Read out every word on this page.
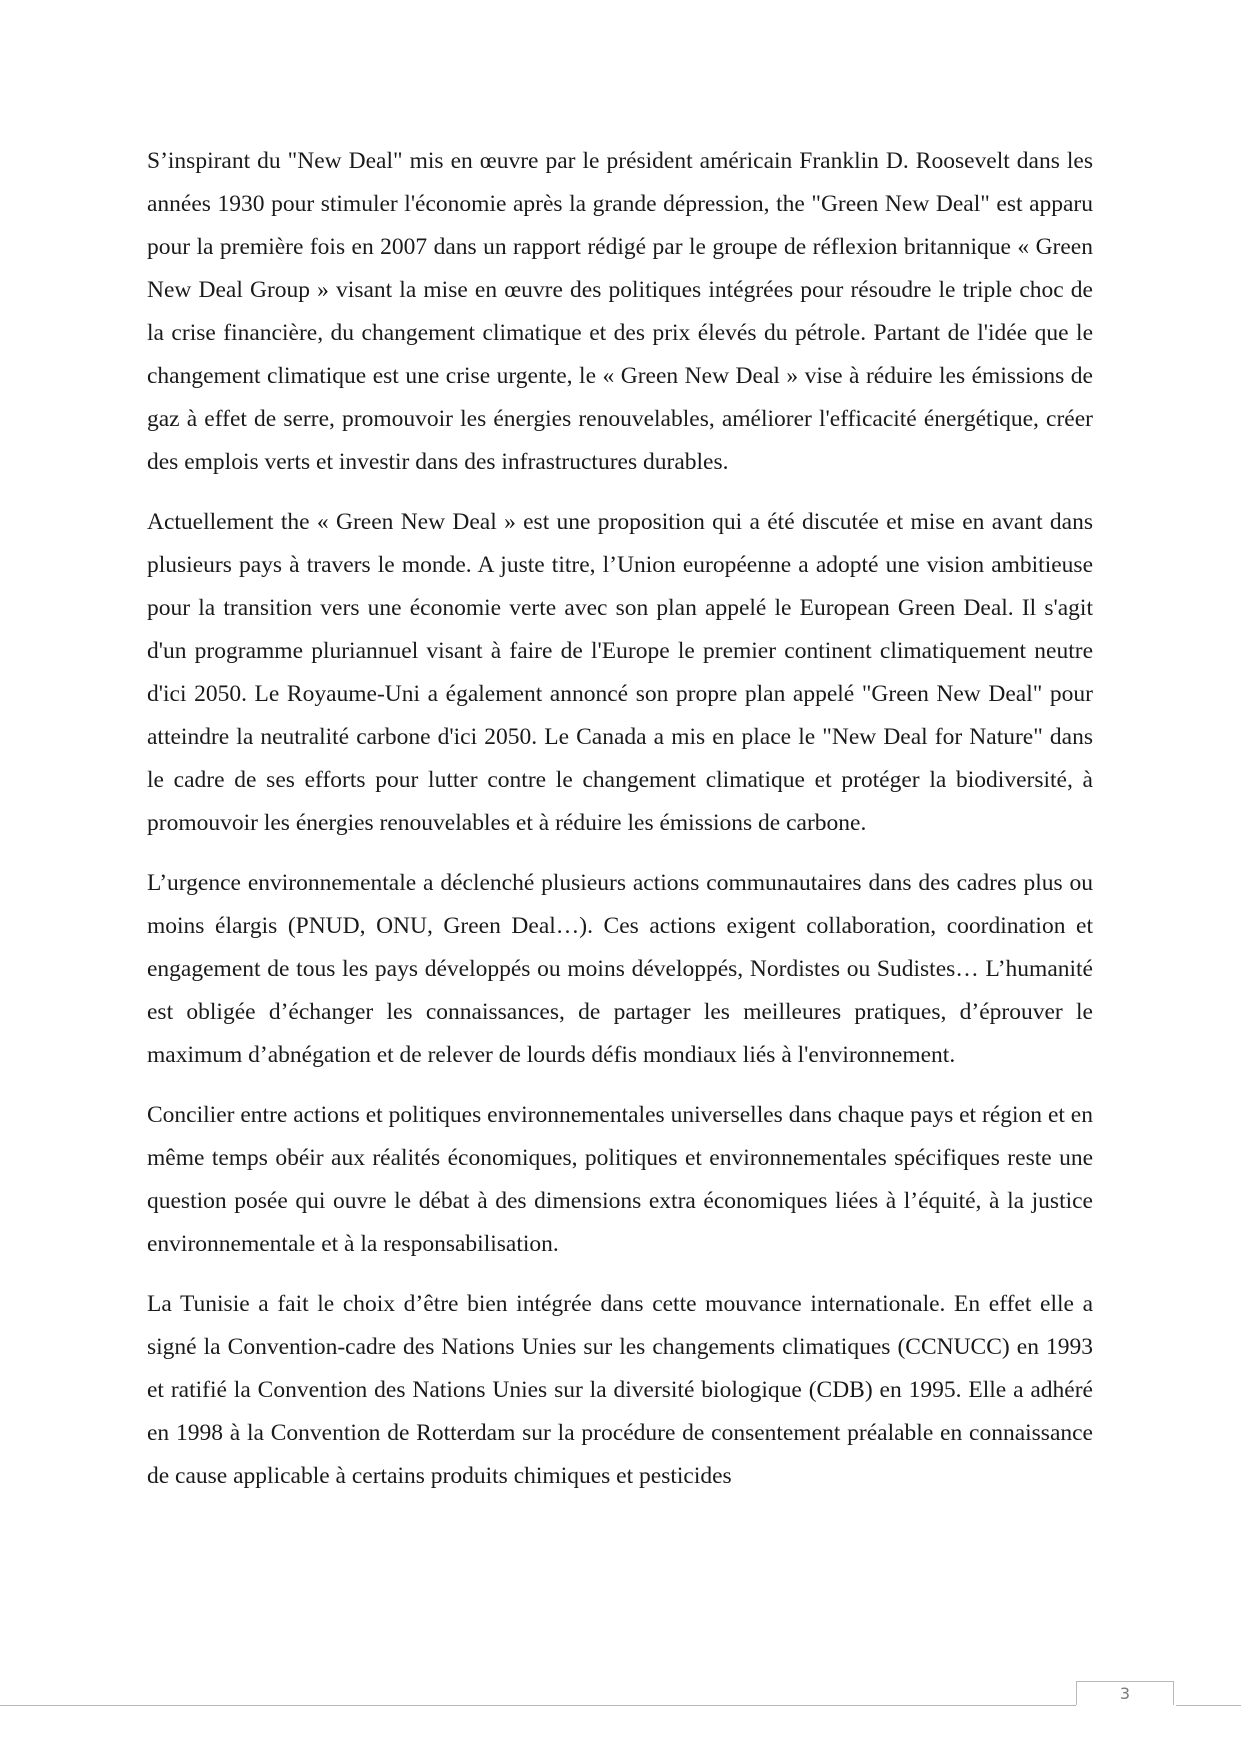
S’inspirant du "New Deal" mis en œuvre par le président américain Franklin D. Roosevelt dans les années 1930 pour stimuler l'économie après la grande dépression, the "Green New Deal" est apparu pour la première fois en 2007 dans un rapport rédigé par le groupe de réflexion britannique « Green New Deal Group » visant la mise en œuvre des politiques intégrées pour résoudre le triple choc de la crise financière, du changement climatique et des prix élevés du pétrole. Partant de l'idée que le changement climatique est une crise urgente, le « Green New Deal » vise à réduire les émissions de gaz à effet de serre, promouvoir les énergies renouvelables, améliorer l'efficacité énergétique, créer des emplois verts et investir dans des infrastructures durables.

Actuellement the « Green New Deal » est une proposition qui a été discutée et mise en avant dans plusieurs pays à travers le monde. A juste titre, l’Union européenne a adopté une vision ambitieuse pour la transition vers une économie verte avec son plan appelé le European Green Deal. Il s'agit d'un programme pluriannuel visant à faire de l'Europe le premier continent climatiquement neutre d'ici 2050. Le Royaume-Uni a également annoncé son propre plan appelé "Green New Deal" pour atteindre la neutralité carbone d'ici 2050. Le Canada a mis en place le "New Deal for Nature" dans le cadre de ses efforts pour lutter contre le changement climatique et protéger la biodiversité, à promouvoir les énergies renouvelables et à réduire les émissions de carbone.

L’urgence environnementale a déclenché plusieurs actions communautaires dans des cadres plus ou moins élargis (PNUD, ONU, Green Deal…). Ces actions exigent collaboration, coordination et engagement de tous les pays développés ou moins développés, Nordistes ou Sudistes… L’humanité est obligée d’échanger les connaissances, de partager les meilleures pratiques, d’éprouver le maximum d’abnégation et de relever de lourds défis mondiaux liés à l'environnement.

Concilier entre actions et politiques environnementales universelles dans chaque pays et région et en même temps obéir aux réalités économiques, politiques et environnementales spécifiques reste une question posée qui ouvre le débat à des dimensions extra économiques liées à l’équité, à la justice environnementale et à la responsabilisation.

La Tunisie a fait le choix d’être bien intégrée dans cette mouvance internationale. En effet elle a signé la Convention-cadre des Nations Unies sur les changements climatiques (CCNUCC) en 1993 et ratifié la Convention des Nations Unies sur la diversité biologique (CDB) en 1995. Elle a adhéré en 1998 à la Convention de Rotterdam sur la procédure de consentement préalable en connaissance de cause applicable à certains produits chimiques et pesticides

3
